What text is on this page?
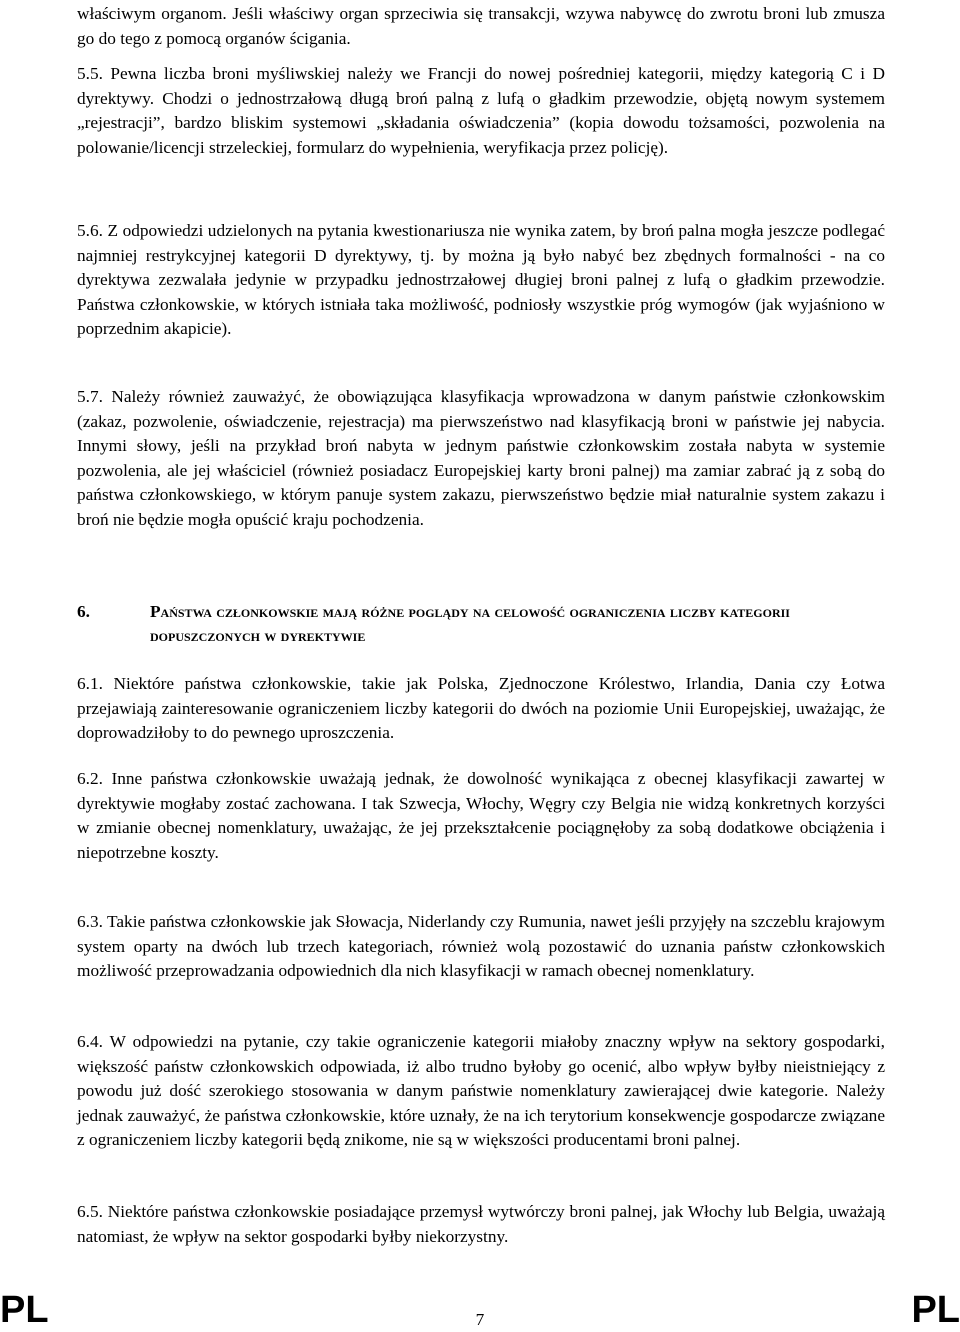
właściwym organom. Jeśli właściwy organ sprzeciwia się transakcji, wzywa nabywcę do zwrotu broni lub zmusza go do tego z pomocą organów ścigania.

5.5. Pewna liczba broni myśliwskiej należy we Francji do nowej pośredniej kategorii, między kategorią C i D dyrektywy. Chodzi o jednostrzałową długą broń palną z lufą o gładkim przewodzie, objętą nowym systemem „rejestracji”, bardzo bliskim systemowi „składania oświadczenia” (kopia dowodu tożsamości, pozwolenia na polowanie/licencji strzeleckiej, formularz do wypełnienia, weryfikacja przez policję).

5.6. Z odpowiedzi udzielonych na pytania kwestionariusza nie wynika zatem, by broń palna mogła jeszcze podlegać najmniej restrykcyjnej kategorii D dyrektywy, tj. by można ją było nabyć bez zbędnych formalności - na co dyrektywa zezwalała jedynie w przypadku jednostrzałowej długiej broni palnej z lufą o gładkim przewodzie. Państwa członkowskie, w których istniała taka możliwość, podniosły wszystkie próg wymogów (jak wyjaśniono w poprzednim akapicie).

5.7. Należy również zauważyć, że obowiązująca klasyfikacja wprowadzona w danym państwie członkowskim (zakaz, pozwolenie, oświadczenie, rejestracja) ma pierwszeństwo nad klasyfikacją broni w państwie jej nabycia. Innymi słowy, jeśli na przykład broń nabyta w jednym państwie członkowskim została nabyta w systemie pozwolenia, ale jej właściciel (również posiadacz Europejskiej karty broni palnej) ma zamiar zabrać ją z sobą do państwa członkowskiego, w którym panuje system zakazu, pierwszeństwo będzie miał naturalnie system zakazu i broń nie będzie mogła opuścić kraju pochodzenia.

6.	Państwa członkowskie mają różne poglądy na celowość ograniczenia liczby kategorii dopuszczonych w dyrektywie

6.1. Niektóre państwa członkowskie, takie jak Polska, Zjednoczone Królestwo, Irlandia, Dania czy Łotwa przejawiają zainteresowanie ograniczeniem liczby kategorii do dwóch na poziomie Unii Europejskiej, uważając, że doprowadziłoby to do pewnego uproszczenia.

6.2. Inne państwa członkowskie uważają jednak, że dowolność wynikająca z obecnej klasyfikacji zawartej w dyrektywie mogłaby zostać zachowana. I tak Szwecja, Włochy, Węgry czy Belgia nie widzą konkretnych korzyści w zmianie obecnej nomenklatury, uważając, że jej przekształcenie pociągnęłoby za sobą dodatkowe obciążenia i niepotrzebne koszty.

6.3. Takie państwa członkowskie jak Słowacja, Niderlandy czy Rumunia, nawet jeśli przyjęły na szczeblu krajowym system oparty na dwóch lub trzech kategoriach, również wolą pozostawić do uznania państw członkowskich możliwość przeprowadzania odpowiednich dla nich klasyfikacji w ramach obecnej nomenklatury.

6.4. W odpowiedzi na pytanie, czy takie ograniczenie kategorii miałoby znaczny wpływ na sektory gospodarki, większość państw członkowskich odpowiada, iż albo trudno byłoby go ocenić, albo wpływ byłby nieistniejący z powodu już dość szerokiego stosowania w danym państwie nomenklatury zawierającej dwie kategorie. Należy jednak zauważyć, że państwa członkowskie, które uznały, że na ich terytorium konsekwencje gospodarcze związane z ograniczeniem liczby kategorii będą znikome, nie są w większości producentami broni palnej.

6.5. Niektóre państwa członkowskie posiadające przemysł wytwórczy broni palnej, jak Włochy lub Belgia, uważają natomiast, że wpływ na sektor gospodarki byłby niekorzystny.

PL	7	PL
